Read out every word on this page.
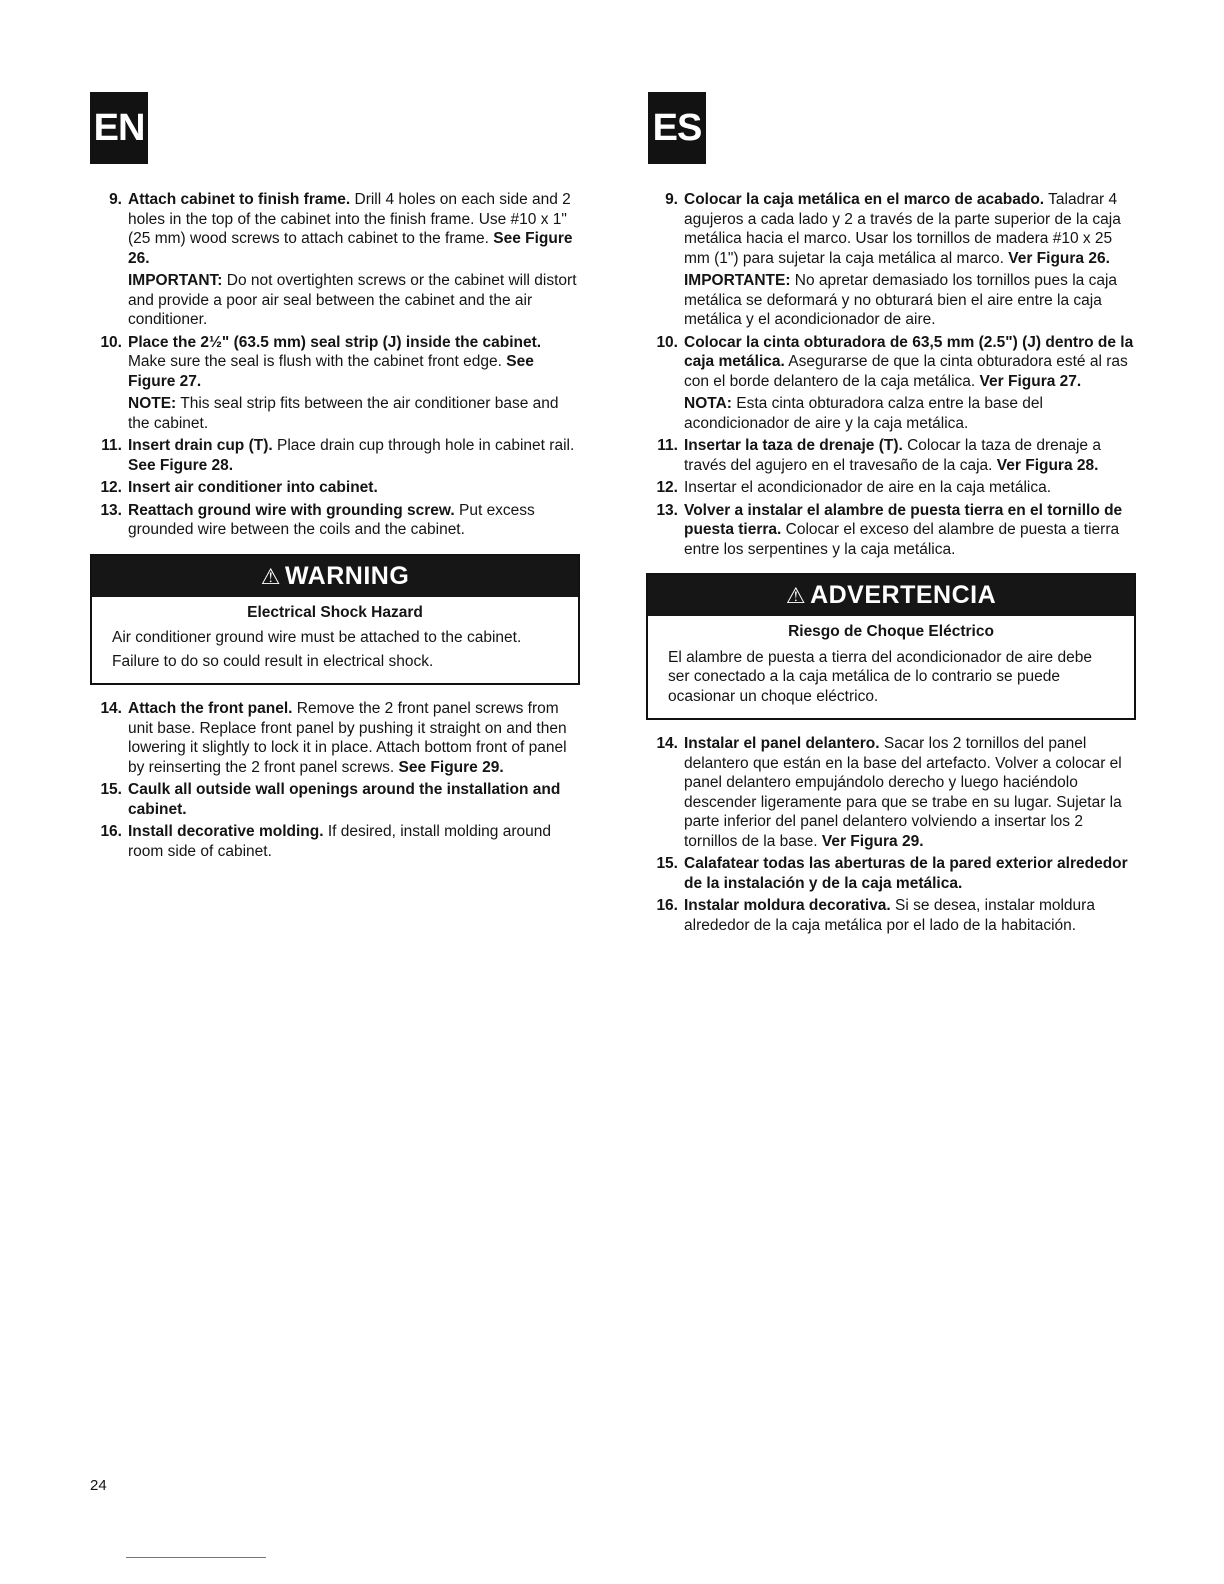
EN	ES
9. Attach cabinet to finish frame. Drill 4 holes on each side and 2 holes in the top of the cabinet into the finish frame. Use #10 x 1" (25 mm) wood screws to attach cabinet to the frame. See Figure 26.

IMPORTANT: Do not overtighten screws or the cabinet will distort and provide a poor air seal between the cabinet and the air conditioner.

10. Place the 2½" (63.5 mm) seal strip (J) inside the cabinet. Make sure the seal is flush with the cabinet front edge. See Figure 27.

NOTE: This seal strip fits between the air conditioner base and the cabinet.

11. Insert drain cup (T). Place drain cup through hole in cabinet rail. See Figure 28.

12. Insert air conditioner into cabinet.

13. Reattach ground wire with grounding screw. Put excess grounded wire between the coils and the cabinet.

⚠ WARNING
Electrical Shock Hazard

Air conditioner ground wire must be attached to the cabinet.

Failure to do so could result in electrical shock.

14. Attach the front panel. Remove the 2 front panel screws from unit base. Replace front panel by pushing it straight on and then lowering it slightly to lock it in place. Attach bottom front of panel by reinserting the 2 front panel screws. See Figure 29.

15. Caulk all outside wall openings around the installation and cabinet.

16. Install decorative molding. If desired, install molding around room side of cabinet.

9. Colocar la caja metálica en el marco de acabado. Taladrar 4 agujeros a cada lado y 2 a través de la parte superior de la caja metálica hacia el marco. Usar los tornillos de madera #10 x 25 mm (1") para sujetar la caja metálica al marco. Ver Figura 26.

IMPORTANTE: No apretar demasiado los tornillos pues la caja metálica se deformará y no obturará bien el aire entre la caja metálica y el acondicionador de aire.

10. Colocar la cinta obturadora de 63,5 mm (2.5") (J) dentro de la caja metálica. Asegurarse de que la cinta obturadora esté al ras con el borde delantero de la caja metálica. Ver Figura 27.

NOTA: Esta cinta obturadora calza entre la base del acondicionador de aire y la caja metálica.

11. Insertar la taza de drenaje (T). Colocar la taza de drenaje a través del agujero en el travesaño de la caja. Ver Figura 28.

12. Insertar el acondicionador de aire en la caja metálica.

13. Volver a instalar el alambre de puesta tierra en el tornillo de puesta tierra. Colocar el exceso del alambre de puesta a tierra entre los serpentines y la caja metálica.

⚠ ADVERTENCIA
Riesgo de Choque Eléctrico

El alambre de puesta a tierra del acondicionador de aire debe ser conectado a la caja metálica de lo contrario se puede ocasionar un choque eléctrico.

14. Instalar el panel delantero. Sacar los 2 tornillos del panel delantero que están en la base del artefacto. Volver a colocar el panel delantero empujándolo derecho y luego haciéndolo descender ligeramente para que se trabe en su lugar. Sujetar la parte inferior del panel delantero volviendo a insertar los 2 tornillos de la base. Ver Figura 29.

15. Calafatear todas las aberturas de la pared exterior alrededor de la instalación y de la caja metálica.

16. Instalar moldura decorativa. Si se desea, instalar moldura alrededor de la caja metálica por el lado de la habitación.

24
